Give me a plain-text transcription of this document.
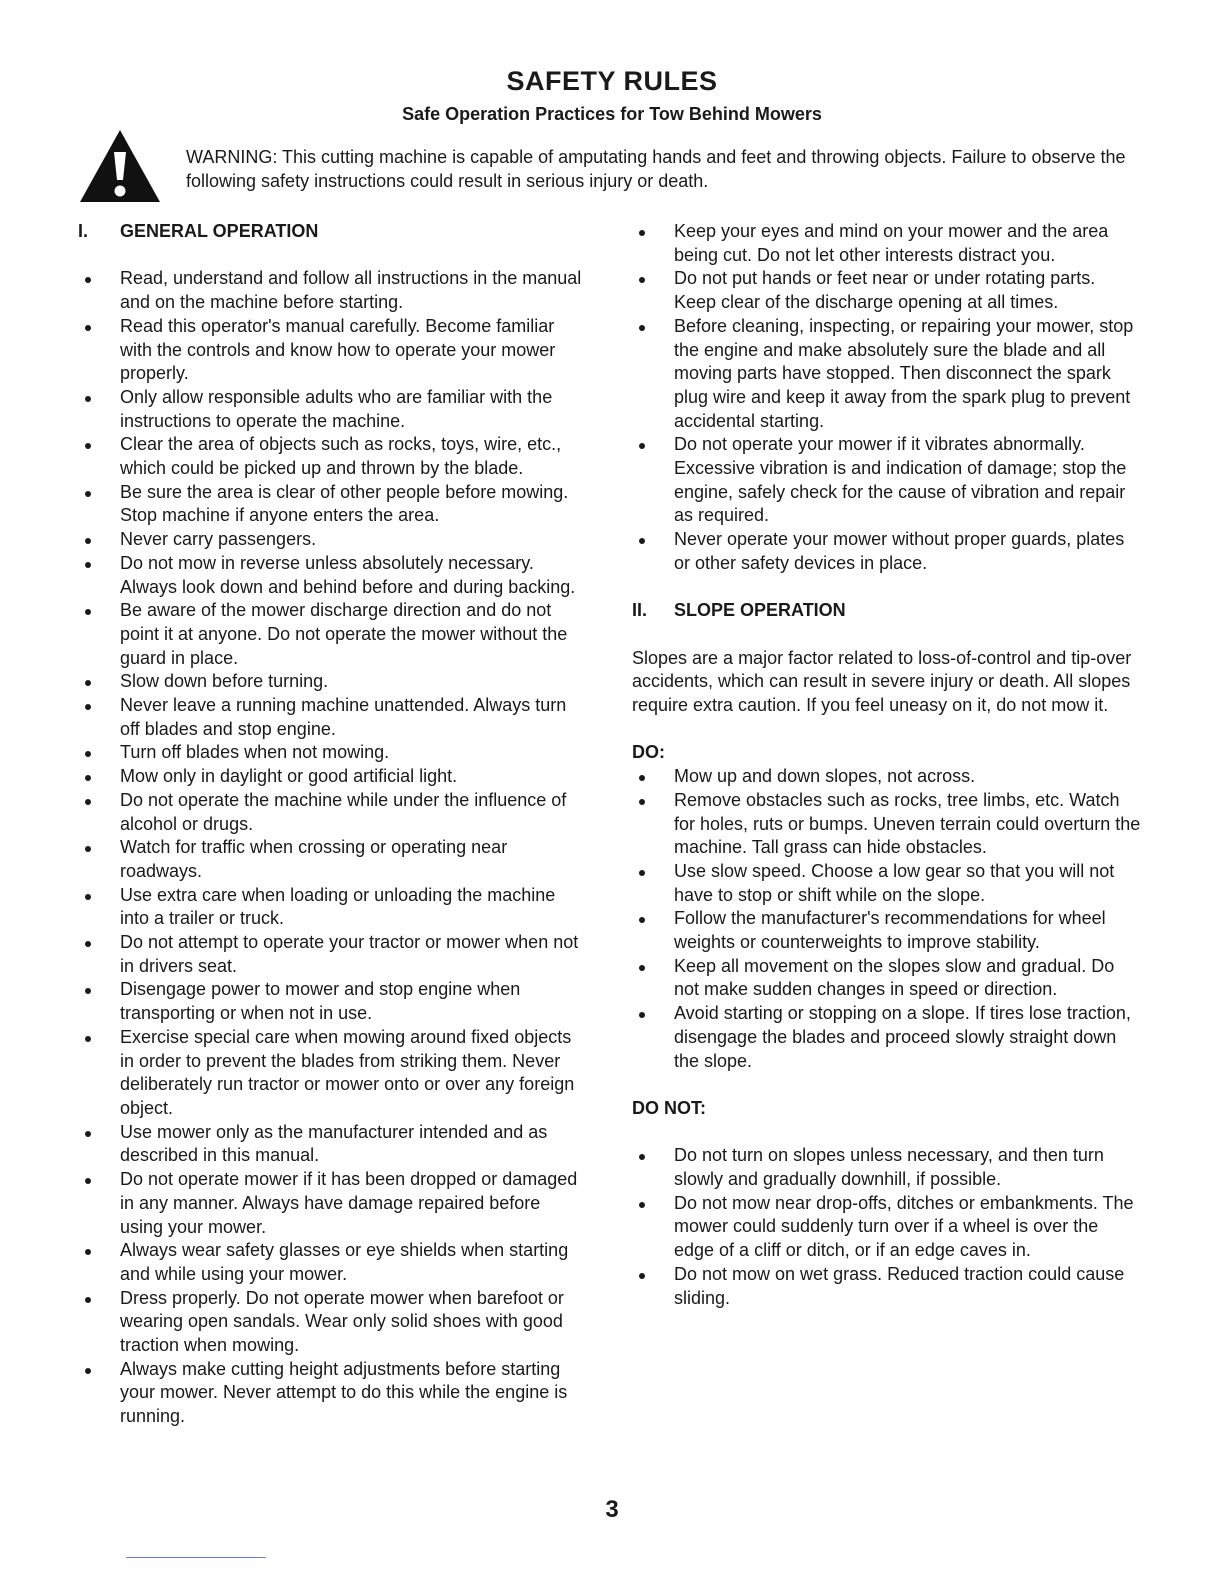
SAFETY RULES
Safe Operation Practices for Tow Behind Mowers
WARNING: This cutting machine is capable of amputating hands and feet and throwing objects. Failure to observe the following safety instructions could result in serious injury or death.
I.	GENERAL OPERATION
Read, understand and follow all instructions in the manual and on the machine before starting.
Read this operator's manual carefully. Become familiar with the controls and know how to operate your mower properly.
Only allow responsible adults who are familiar with the instructions to operate the machine.
Clear the area of objects such as rocks, toys, wire, etc., which could be picked up and thrown by the blade.
Be sure the area is clear of other people before mowing. Stop machine if anyone enters the area.
Never carry passengers.
Do not mow in reverse unless absolutely necessary. Always look down and behind before and during backing.
Be aware of the mower discharge direction and do not point it at anyone. Do not operate the mower without the guard in place.
Slow down before turning.
Never leave a running machine unattended. Always turn off blades and stop engine.
Turn off blades when not mowing.
Mow only in daylight or good artificial light.
Do not operate the machine while under the influence of alcohol or drugs.
Watch for traffic when crossing or operating near roadways.
Use extra care when loading or unloading the machine into a trailer or truck.
Do not attempt to operate your tractor or mower when not in drivers seat.
Disengage power to mower and stop engine when transporting or when not in use.
Exercise special care when mowing around fixed objects in order to prevent the blades from striking them. Never deliberately run tractor or mower onto or over any foreign object.
Use mower only as the manufacturer intended and as described in this manual.
Do not operate mower if it has been dropped or damaged in any manner. Always have damage repaired before using your mower.
Always wear safety glasses or eye shields when starting and while using your mower.
Dress properly. Do not operate mower when barefoot or wearing open sandals. Wear only solid shoes with good traction when mowing.
Always make cutting height adjustments before starting your mower. Never attempt to do this while the engine is running.
Keep your eyes and mind on your mower and the area being cut. Do not let other interests distract you.
Do not put hands or feet near or under rotating parts. Keep clear of the discharge opening at all times.
Before cleaning, inspecting, or repairing your mower, stop the engine and make absolutely sure the blade and all moving parts have stopped. Then disconnect the spark plug wire and keep it away from the spark plug to prevent accidental starting.
Do not operate your mower if it vibrates abnormally. Excessive vibration is and indication of damage; stop the engine, safely check for the cause of vibration and repair as required.
Never operate your mower without proper guards, plates or other safety devices in place.
II.	SLOPE OPERATION

Slopes are a major factor related to loss-of-control and tip-over accidents, which can result in severe injury or death. All slopes require extra caution. If you feel uneasy on it, do not mow it.

DO:

Mow up and down slopes, not across.
Remove obstacles such as rocks, tree limbs, etc. Watch for holes, ruts or bumps. Uneven terrain could overturn the machine. Tall grass can hide obstacles.
Use slow speed. Choose a low gear so that you will not have to stop or shift while on the slope.
Follow the manufacturer's recommendations for wheel weights or counterweights to improve stability.
Keep all movement on the slopes slow and gradual. Do not make sudden changes in speed or direction.
Avoid starting or stopping on a slope. If tires lose traction, disengage the blades and proceed slowly straight down the slope.

DO NOT:

Do not turn on slopes unless necessary, and then turn slowly and gradually downhill, if possible.
Do not mow near drop-offs, ditches or embankments. The mower could suddenly turn over if a wheel is over the edge of a cliff or ditch, or if an edge caves in.
Do not mow on wet grass. Reduced traction could cause sliding.
3
